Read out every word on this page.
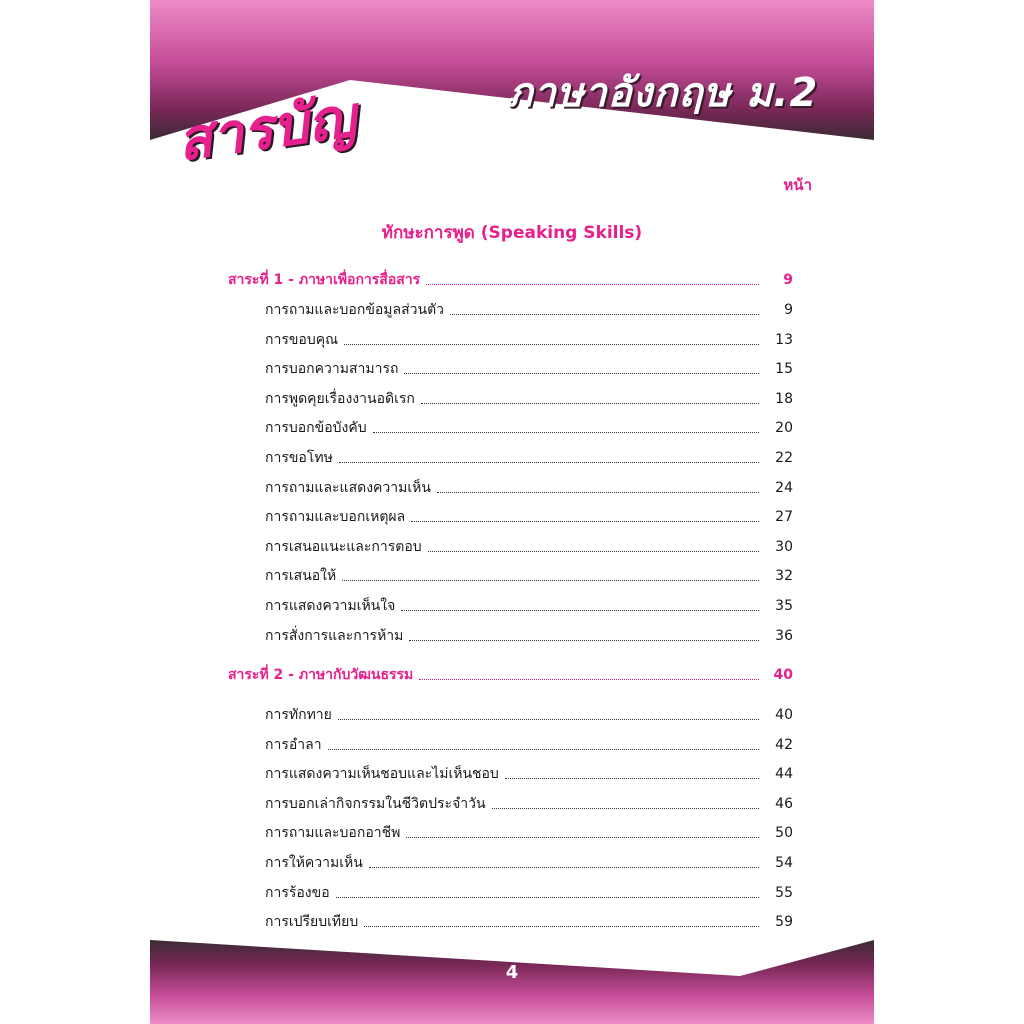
ภาษาอังกฤษ ม.2
สารบัญ
หน้า
ทักษะการพูด (Speaking Skills)
สาระที่ 1 - ภาษาเพื่อการสื่อสาร	9
การถามและบอกข้อมูลส่วนตัว	9
การขอบคุณ	13
การบอกความสามารถ	15
การพูดคุยเรื่องงานอดิเรก	18
การบอกข้อบังคับ	20
การขอโทษ	22
การถามและแสดงความเห็น	24
การถามและบอกเหตุผล	27
การเสนอแนะและการตอบ	30
การเสนอให้	32
การแสดงความเห็นใจ	35
การสั่งการและการห้าม	36
สาระที่ 2 - ภาษากับวัฒนธรรม	40
การทักทาย	40
การอำลา	42
การแสดงความเห็นชอบและไม่เห็นชอบ	44
การบอกเล่ากิจกรรมในชีวิตประจำวัน	46
การถามและบอกอาชีพ	50
การให้ความเห็น	54
การร้องขอ	55
การเปรียบเทียบ	59
4
